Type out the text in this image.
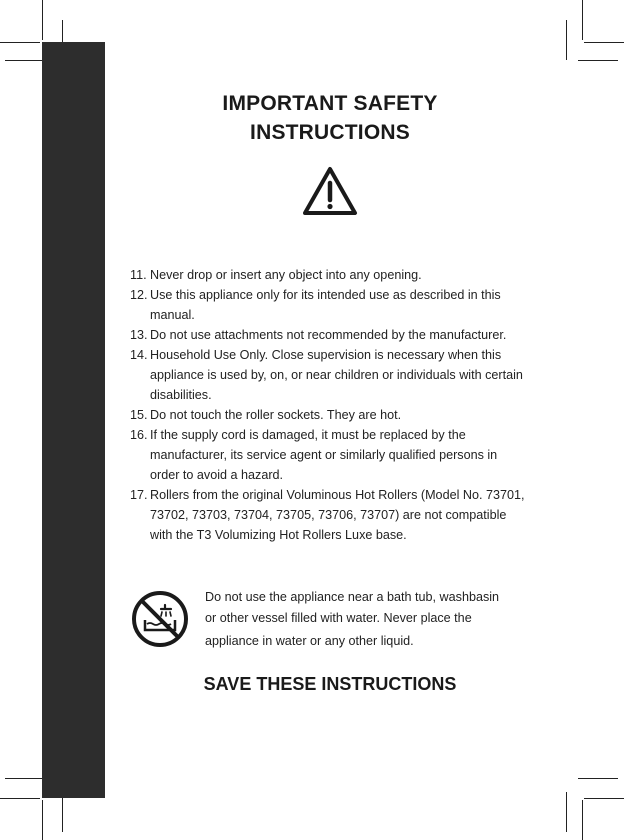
IMPORTANT SAFETY
INSTRUCTIONS
11. Never drop or insert any object into any opening.
12. Use this appliance only for its intended use as described in this manual.
13. Do not use attachments not recommended by the manufacturer.
14. Household Use Only. Close supervision is necessary when this appliance is used by, on, or near children or individuals with certain disabilities.
15. Do not touch the roller sockets. They are hot.
16. If the supply cord is damaged, it must be replaced by the manufacturer, its service agent or similarly qualified persons in order to avoid a hazard.
17. Rollers from the original Voluminous Hot Rollers (Model No. 73701, 73702, 73703, 73704, 73705, 73706, 73707) are not compatible with the T3 Volumizing Hot Rollers Luxe base.
Do not use the appliance near a bath tub, washbasin
or other vessel filled with water. Never place the
appliance in water or any other liquid.
SAVE THESE INSTRUCTIONS
